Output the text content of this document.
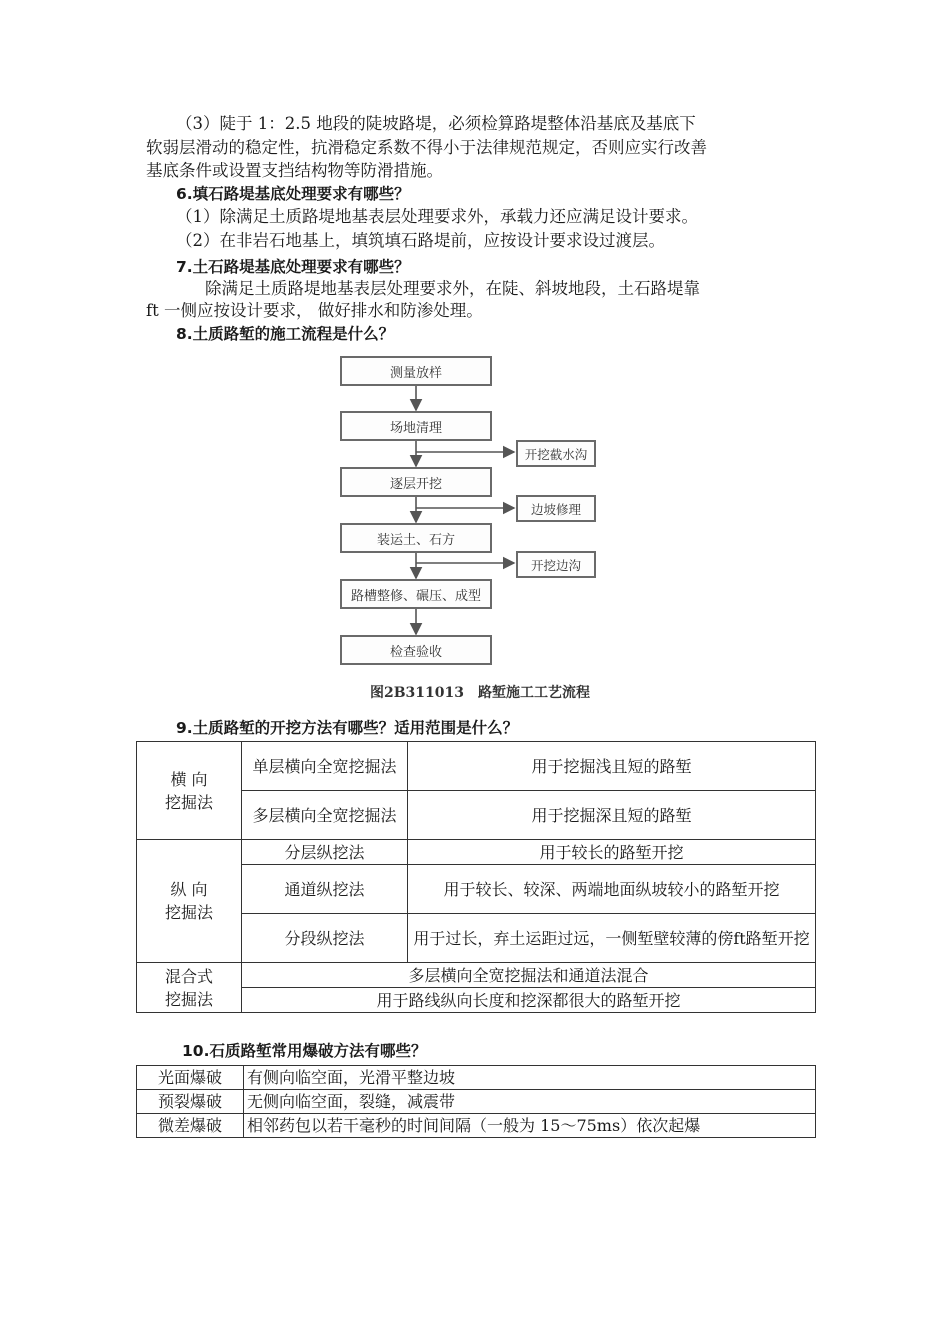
（3）陡于 1：2.5 地段的陡坡路堤，必须检算路堤整体沿基底及基底下
软弱层滑动的稳定性，抗滑稳定系数不得小于法律规范规定，否则应实行改善
基底条件或设置支挡结构物等防滑措施。
6.填石路堤基底处理要求有哪些？
（1）除满足土质路堤地基表层处理要求外，承载力还应满足设计要求。
（2）在非岩石地基上，填筑填石路堤前，应按设计要求设过渡层。
7.土石路堤基底处理要求有哪些？
除满足土质路堤地基表层处理要求外，在陡、斜坡地段，土石路堤靠
ft 一侧应按设计要求， 做好排水和防渗处理。
8.土质路堑的施工流程是什么？
测量放样
场地清理
逐层开挖
装运土、石方
路槽整修、碾压、成型
检查验收
开挖截水沟
边坡修理
开挖边沟
图2B311013　路堑施工工艺流程
9.土质路堑的开挖方法有哪些？适用范围是什么？
横 向
挖掘法	单层横向全宽挖掘法	用于挖掘浅且短的路堑
	多层横向全宽挖掘法	用于挖掘深且短的路堑
纵 向
挖掘法	分层纵挖法	用于较长的路堑开挖
	通道纵挖法	用于较长、较深、两端地面纵坡较小的路堑开挖
	分段纵挖法	用于过长，弃土运距过远，一侧堑壁较薄的傍ft路堑开挖
混合式
挖掘法	多层横向全宽挖掘法和通道法混合	
	用于路线纵向长度和挖深都很大的路堑开挖	
10.石质路堑常用爆破方法有哪些？
光面爆破	有侧向临空面，光滑平整边坡
预裂爆破	无侧向临空面，裂缝，减震带
微差爆破	相邻药包以若干毫秒的时间间隔（一般为 15～75ms）依次起爆
